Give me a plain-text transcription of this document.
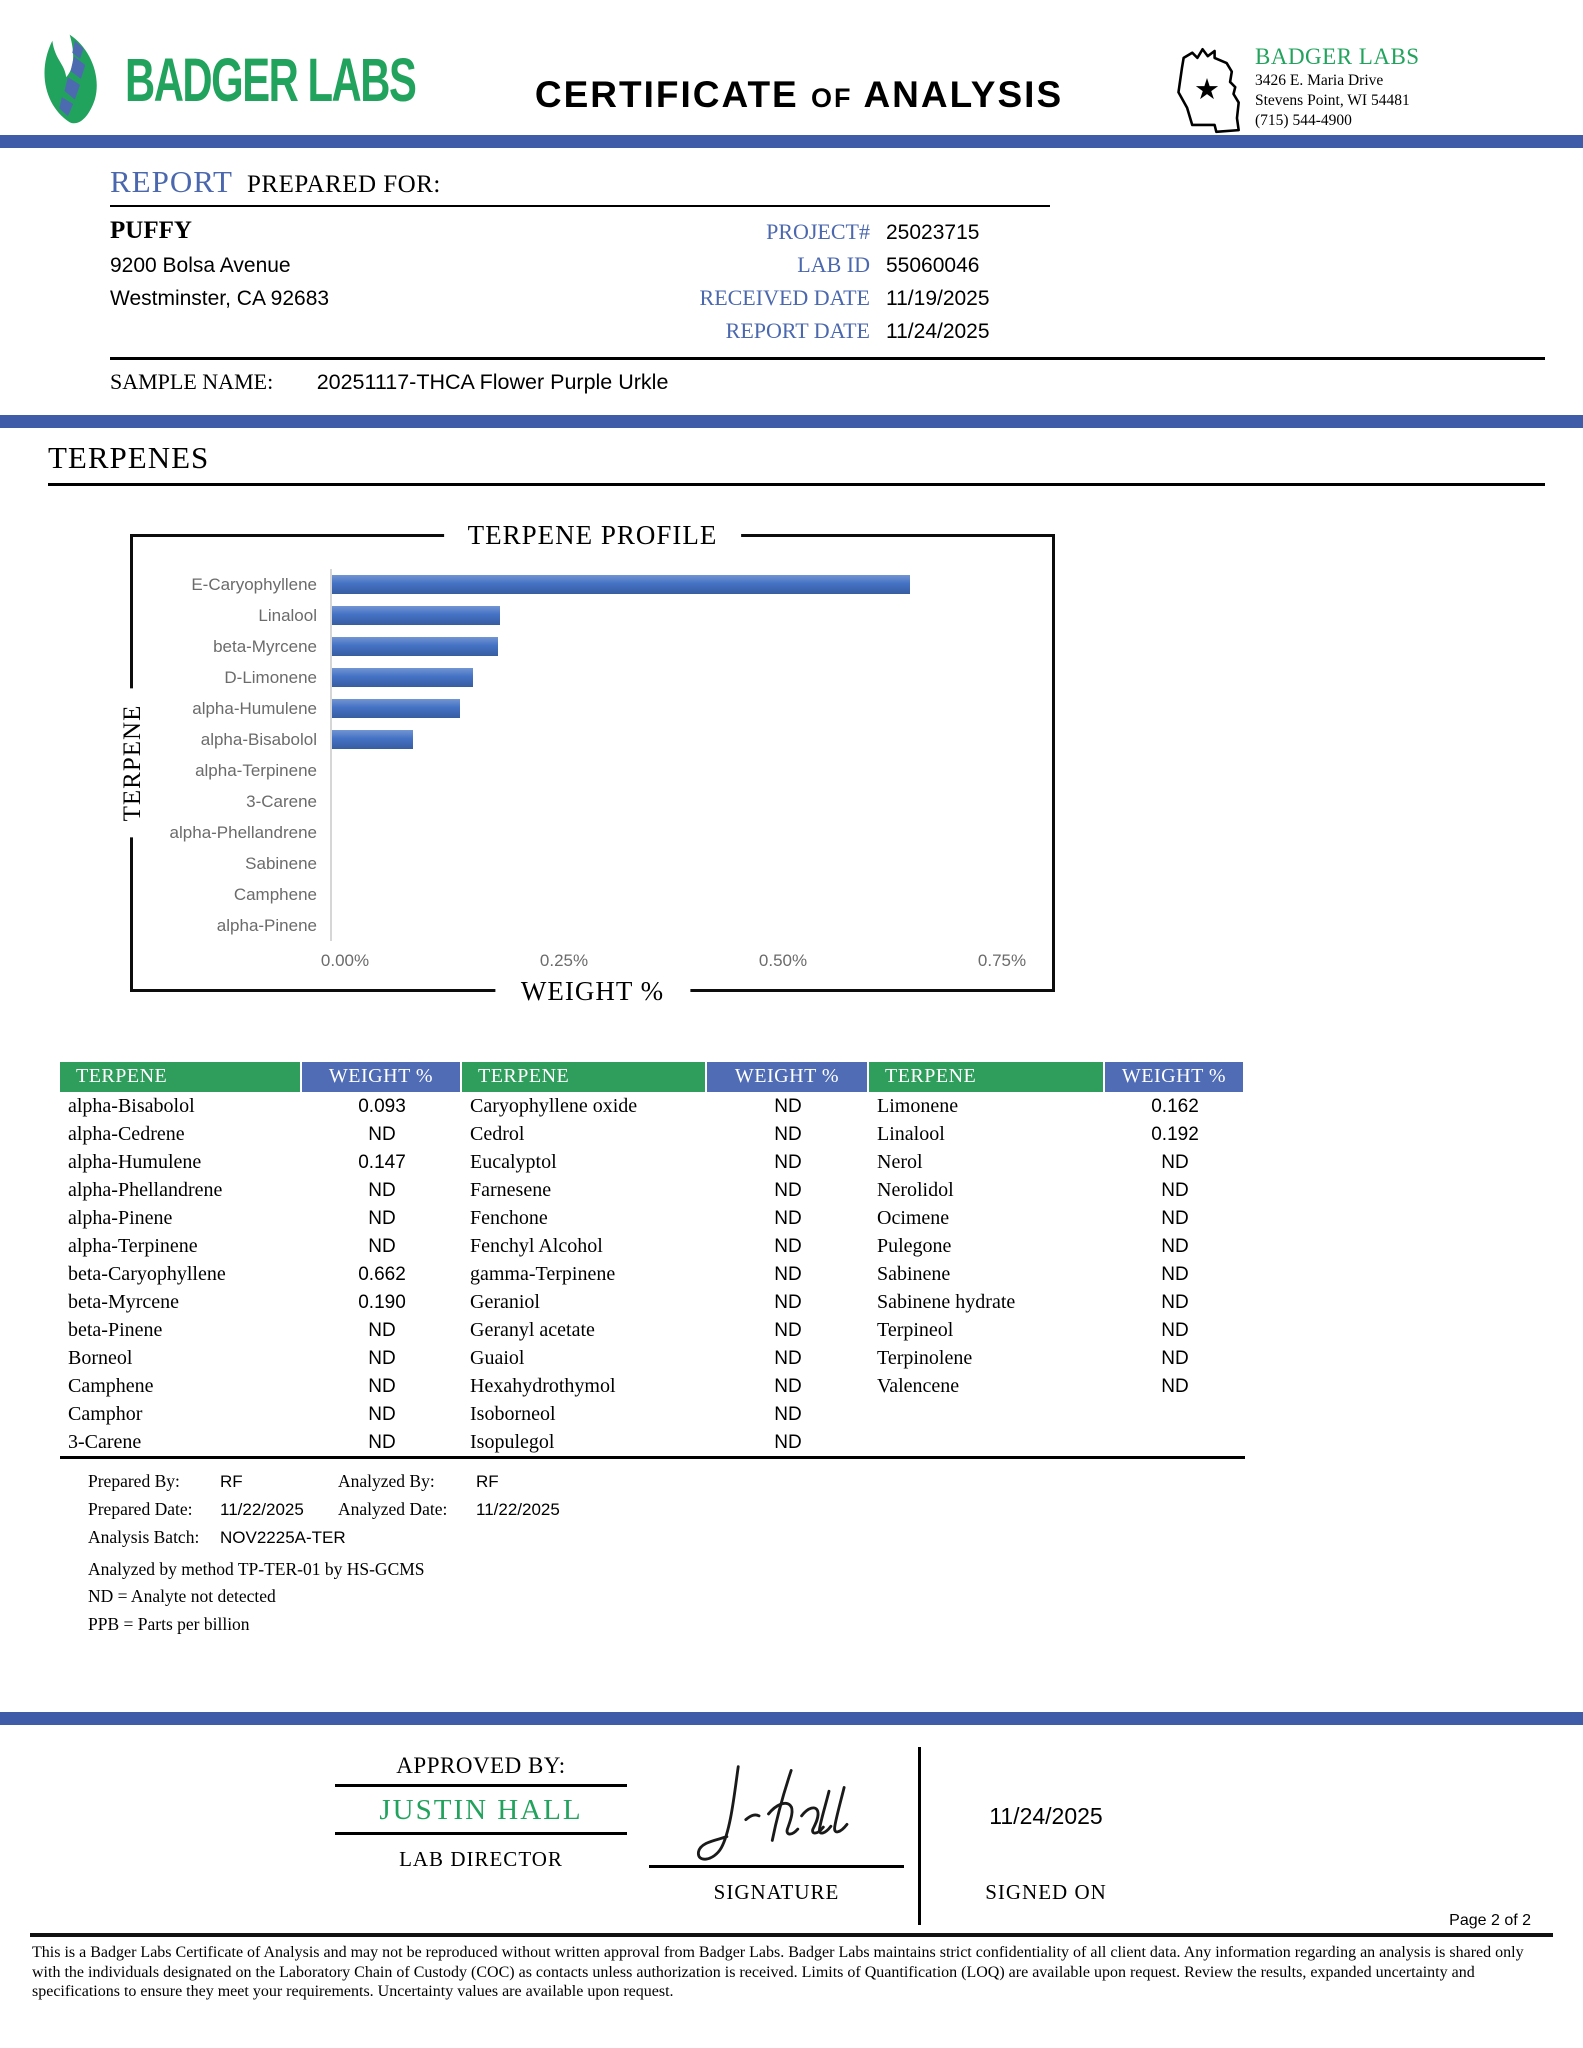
BADGER LABS	CERTIFICATE OF ANALYSIS	★
BADGER LABS
3426 E. Maria Drive
Stevens Point, WI 54481
(715) 544-4900
REPORT PREPARED FOR:
PUFFY
9200 Bolsa Avenue
Westminster, CA 92683
PROJECT# 25023715
LAB ID 55060046
RECEIVED DATE 11/19/2025
REPORT DATE 11/24/2025
SAMPLE NAME: 20251117-THCA Flower Purple Urkle
TERPENES
TERPENE PROFILE
TERPENE
WEIGHT %
E-Caryophyllene
Linalool
beta-Myrcene
D-Limonene
alpha-Humulene
alpha-Bisabolol
alpha-Terpinene
3-Carene
alpha-Phellandrene
Sabinene
Camphene
alpha-Pinene
0.00%	0.25%	0.50%	0.75%
TERPENE	WEIGHT %	TERPENE	WEIGHT %	TERPENE	WEIGHT %
alpha-Bisabolol	0.093	Caryophyllene oxide	ND	Limonene	0.162
alpha-Cedrene	ND	Cedrol	ND	Linalool	0.192
alpha-Humulene	0.147	Eucalyptol	ND	Nerol	ND
alpha-Phellandrene	ND	Farnesene	ND	Nerolidol	ND
alpha-Pinene	ND	Fenchone	ND	Ocimene	ND
alpha-Terpinene	ND	Fenchyl Alcohol	ND	Pulegone	ND
beta-Caryophyllene	0.662	gamma-Terpinene	ND	Sabinene	ND
beta-Myrcene	0.190	Geraniol	ND	Sabinene hydrate	ND
beta-Pinene	ND	Geranyl acetate	ND	Terpineol	ND
Borneol	ND	Guaiol	ND	Terpinolene	ND
Camphene	ND	Hexahydrothymol	ND	Valencene	ND
Camphor	ND	Isoborneol	ND
3-Carene	ND	Isopulegol	ND
Prepared By:	RF	Analyzed By:	RF
Prepared Date:	11/22/2025	Analyzed Date:	11/22/2025
Analysis Batch:	NOV2225A-TER
Analyzed by method TP-TER-01 by HS-GCMS
ND = Analyte not detected
PPB = Parts per billion
APPROVED BY:
JUSTIN HALL
LAB DIRECTOR
SIGNATURE
11/24/2025
SIGNED ON
Page 2 of 2
This is a Badger Labs Certificate of Analysis and may not be reproduced without written approval from Badger Labs. Badger Labs maintains strict confidentiality of all client data. Any information regarding an analysis is shared only with the individuals designated on the Laboratory Chain of Custody (COC) as contacts unless authorization is received. Limits of Quantification (LOQ) are available upon request. Review the results, expanded uncertainty and specifications to ensure they meet your requirements. Uncertainty values are available upon request.
